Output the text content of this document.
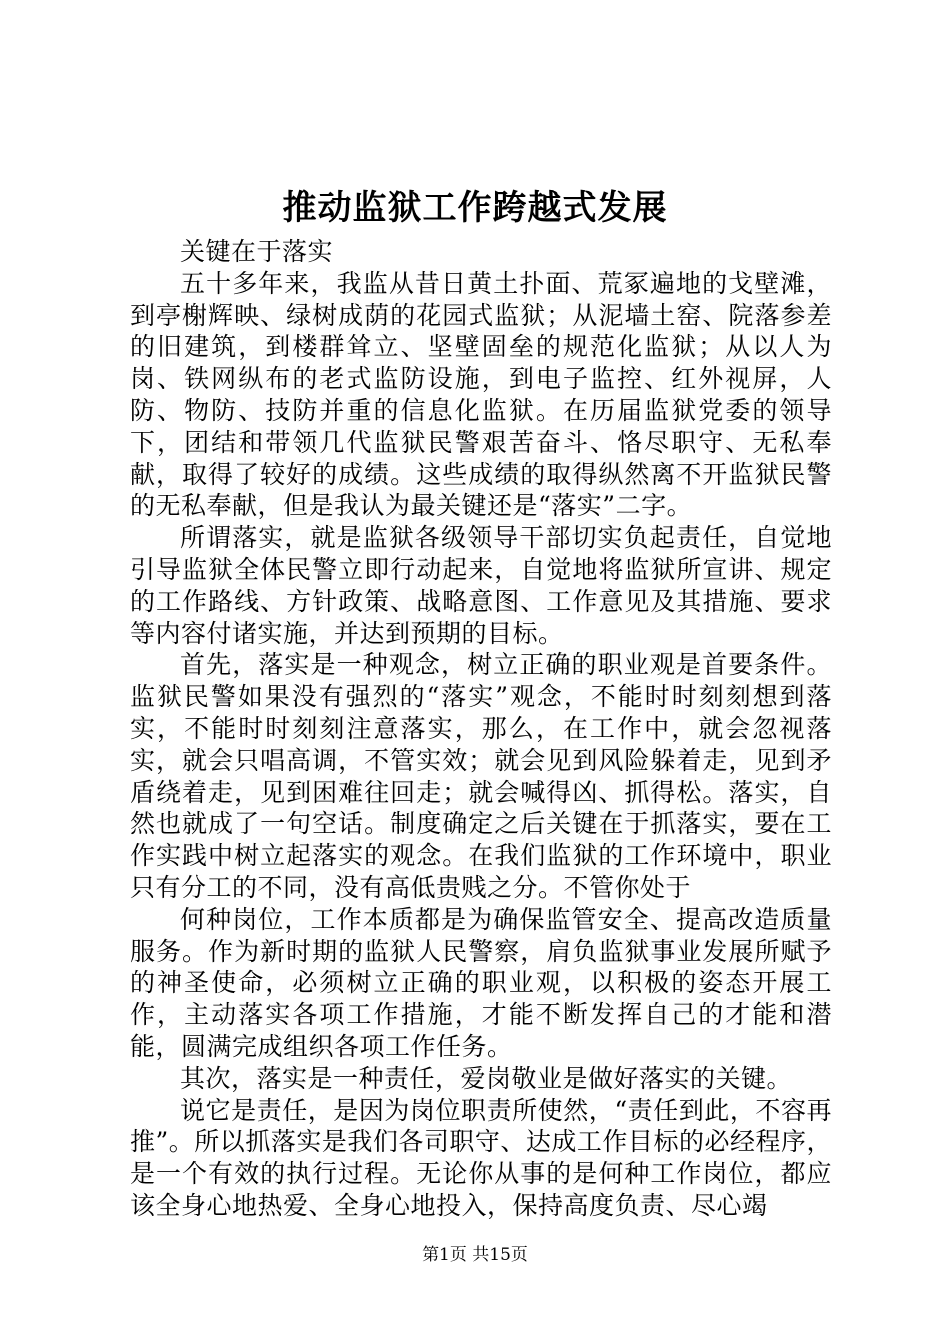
推动监狱工作跨越式发展

关键在于落实

五十多年来，我监从昔日黄土扑面、荒冢遍地的戈壁滩，到亭榭辉映、绿树成荫的花园式监狱；从泥墙土窑、院落参差的旧建筑，到楼群耸立、坚壁固垒的规范化监狱；从以人为岗、铁网纵布的老式监防设施，到电子监控、红外视屏，人防、物防、技防并重的信息化监狱。在历届监狱党委的领导下，团结和带领几代监狱民警艰苦奋斗、恪尽职守、无私奉献，取得了较好的成绩。这些成绩的取得纵然离不开监狱民警的无私奉献，但是我认为最关键还是“落实”二字。

所谓落实，就是监狱各级领导干部切实负起责任，自觉地引导监狱全体民警立即行动起来，自觉地将监狱所宣讲、规定的工作路线、方针政策、战略意图、工作意见及其措施、要求等内容付诸实施，并达到预期的目标。

首先，落实是一种观念，树立正确的职业观是首要条件。监狱民警如果没有强烈的“落实”观念，不能时时刻刻想到落实，不能时时刻刻注意落实，那么，在工作中，就会忽视落实，就会只唱高调，不管实效；就会见到风险躲着走，见到矛盾绕着走，见到困难往回走；就会喊得凶、抓得松。落实，自然也就成了一句空话。制度确定之后关键在于抓落实，要在工作实践中树立起落实的观念。在我们监狱的工作环境中，职业只有分工的不同，没有高低贵贱之分。不管你处于

何种岗位，工作本质都是为确保监管安全、提高改造质量服务。作为新时期的监狱人民警察，肩负监狱事业发展所赋予的神圣使命，必须树立正确的职业观，以积极的姿态开展工作，主动落实各项工作措施，才能不断发挥自己的才能和潜能，圆满完成组织各项工作任务。

其次，落实是一种责任，爱岗敬业是做好落实的关键。

说它是责任，是因为岗位职责所使然，“责任到此，不容再推”。所以抓落实是我们各司职守、达成工作目标的必经程序，是一个有效的执行过程。无论你从事的是何种工作岗位，都应该全身心地热爱、全身心地投入，保持高度负责、尽心竭

第1页 共15页
